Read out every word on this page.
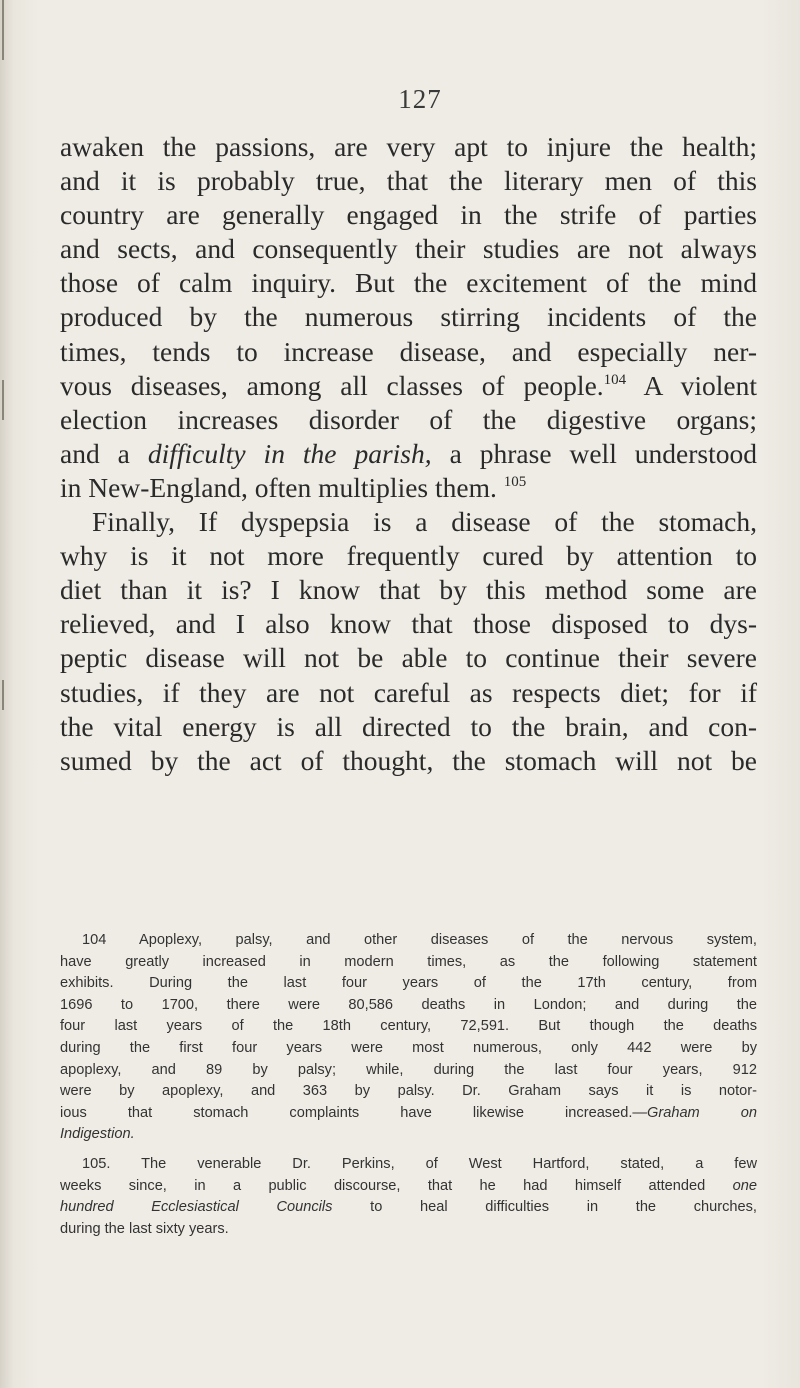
127
awaken the passions, are very apt to injure the health;
and it is probably true, that the literary men of this
country are generally engaged in the strife of parties
and sects, and consequently their studies are not always
those of calm inquiry. But the excitement of the mind
produced by the numerous stirring incidents of the
times, tends to increase disease, and especially ner-
vous diseases, among all classes of people.$^{104}$ A violent
election increases disorder of the digestive organs;
and a difficulty in the parish, a phrase well understood
in New-England, often multiplies them. $^{105}$
Finally, If dyspepsia is a disease of the stomach,
why is it not more frequently cured by attention to
diet than it is? I know that by this method some are
relieved, and I also know that those disposed to dys-
peptic disease will not be able to continue their severe
studies, if they are not careful as respects diet; for if
the vital energy is all directed to the brain, and con-
sumed by the act of thought, the stomach will not be
104 Apoplexy, palsy, and other diseases of the nervous system,
have greatly increased in modern times, as the following statement
exhibits. During the last four years of the 17th century, from
1696 to 1700, there were 80,586 deaths in London; and during the
four last years of the 18th century, 72,591. But though the deaths
during the first four years were most numerous, only 442 were by
apoplexy, and 89 by palsy; while, during the last four years, 912
were by apoplexy, and 363 by palsy. Dr. Graham says it is notor-
ious that stomach complaints have likewise increased.—Graham on
Indigestion.
105. The venerable Dr. Perkins, of West Hartford, stated, a few
weeks since, in a public discourse, that he had himself attended one
hundred Ecclesiastical Councils to heal difficulties in the churches,
during the last sixty years.
